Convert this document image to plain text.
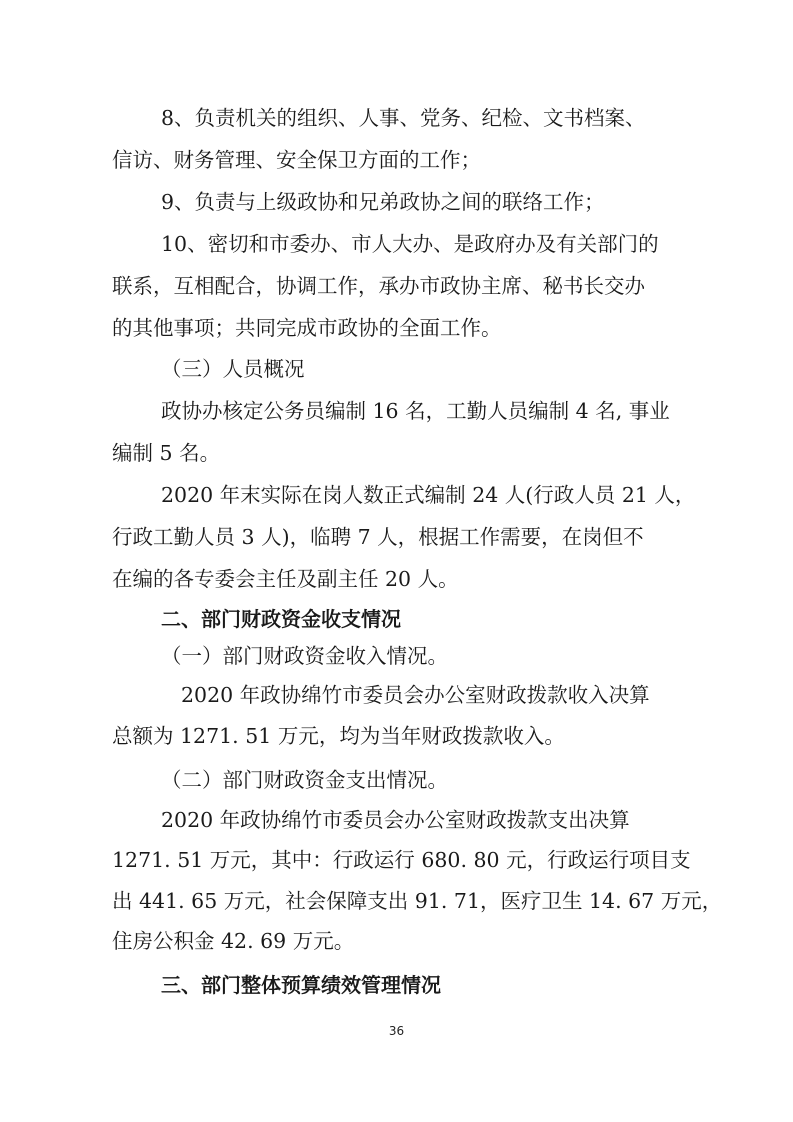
8、负责机关的组织、人事、党务、纪检、文书档案、
信访、财务管理、安全保卫方面的工作；
9、负责与上级政协和兄弟政协之间的联络工作；
10、密切和市委办、市人大办、是政府办及有关部门的
联系，互相配合，协调工作，承办市政协主席、秘书长交办
的其他事项；共同完成市政协的全面工作。
（三）人员概况
政协办核定公务员编制 16 名，工勤人员编制 4 名, 事业
编制 5 名。
2020 年末实际在岗人数正式编制 24 人(行政人员 21 人，
行政工勤人员 3 人)，临聘 7 人，根据工作需要，在岗但不
在编的各专委会主任及副主任 20 人。
二、部门财政资金收支情况
（一）部门财政资金收入情况。
2020 年政协绵竹市委员会办公室财政拨款收入决算
总额为 1271. 51 万元，均为当年财政拨款收入。
（二）部门财政资金支出情况。
2020 年政协绵竹市委员会办公室财政拨款支出决算
1271. 51 万元，其中：行政运行 680. 80 元，行政运行项目支
出 441. 65 万元，社会保障支出 91. 71，医疗卫生 14. 67 万元，
住房公积金 42. 69 万元。
三、部门整体预算绩效管理情况
36
